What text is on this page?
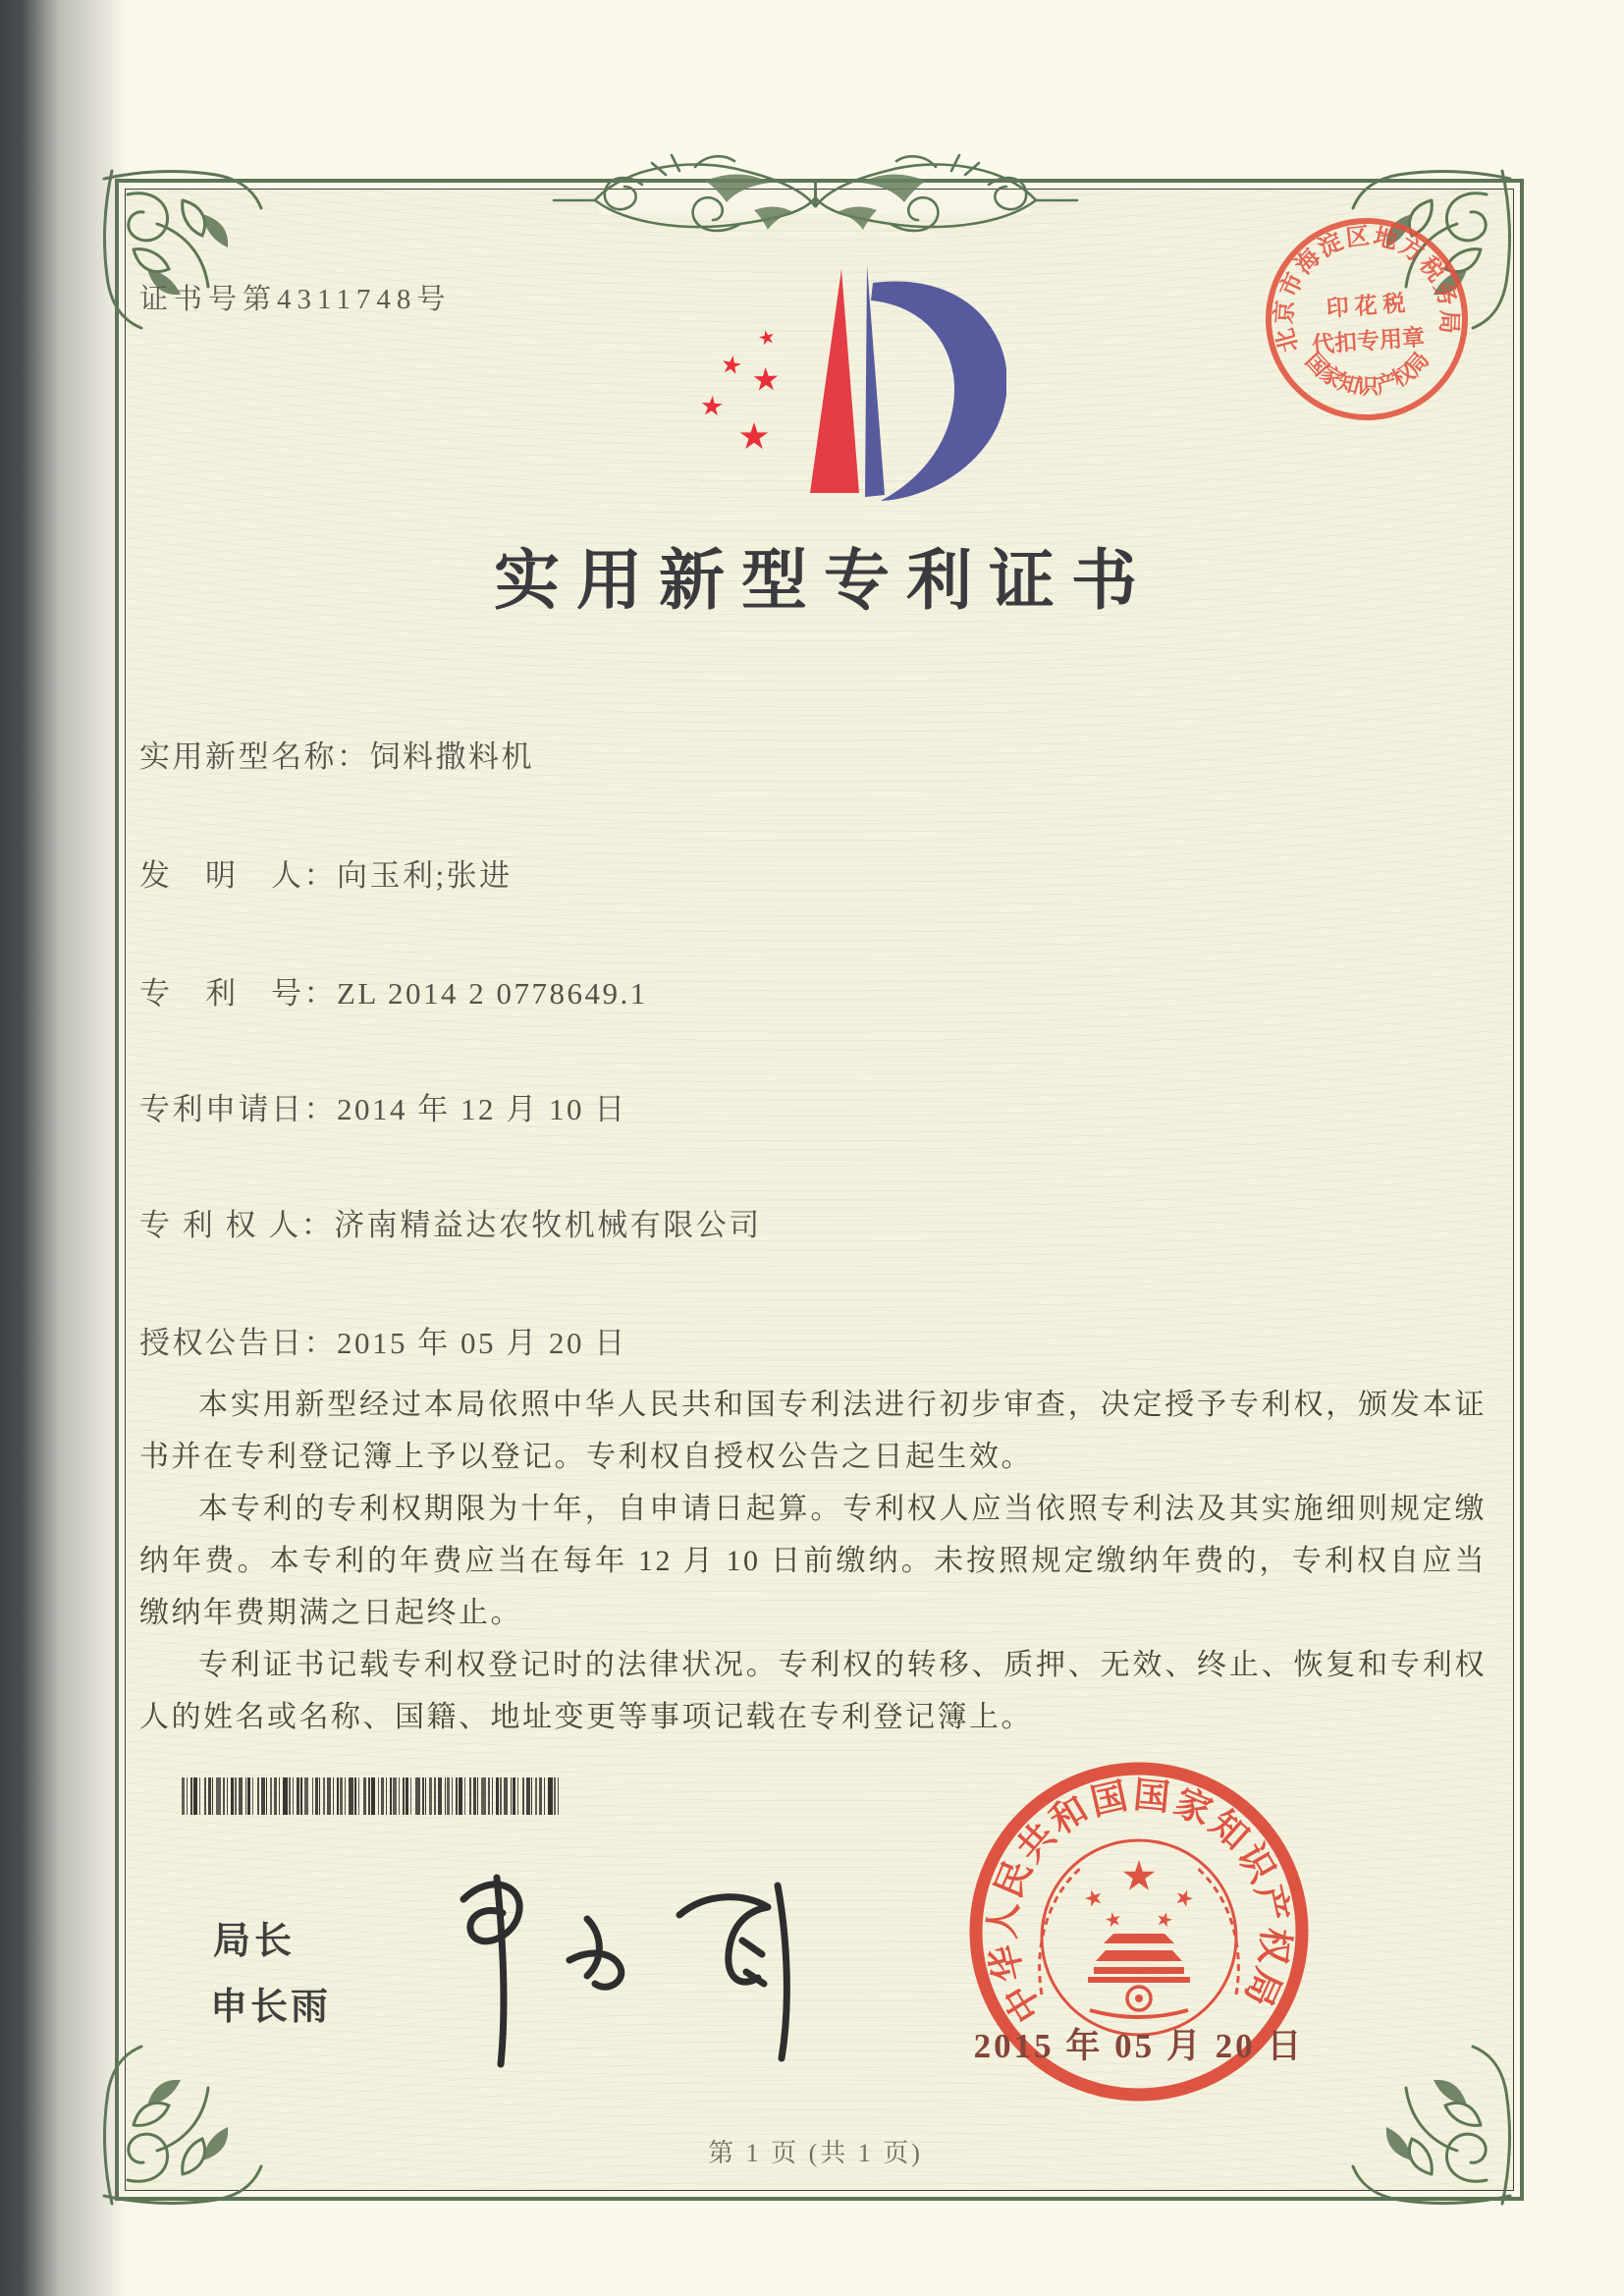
证书号第4311748号
北京市海淀区地方税务局
国家知识产权局
印 花 税
代扣专用章
实用新型专利证书
实用新型名称：饲料撒料机
发　明　人：向玉利;张进
专　利　号：ZL 2014 2 0778649.1
专利申请日：2014 年 12 月 10 日
专 利 权 人：济南精益达农牧机械有限公司
授权公告日：2015 年 05 月 20 日

本实用新型经过本局依照中华人民共和国专利法进行初步审查，决定授予专利权，颁发本证书并在专利登记簿上予以登记。专利权自授权公告之日起生效。

本专利的专利权期限为十年，自申请日起算。专利权人应当依照专利法及其实施细则规定缴纳年费。本专利的年费应当在每年 12 月 10 日前缴纳。未按照规定缴纳年费的，专利权自应当缴纳年费期满之日起终止。

专利证书记载专利权登记时的法律状况。专利权的转移、质押、无效、终止、恢复和专利权人的姓名或名称、国籍、地址变更等事项记载在专利登记簿上。

局长
申长雨	中华人民共和国国家知识产权局
2015 年 05 月 20 日
第 1 页 (共 1 页)
